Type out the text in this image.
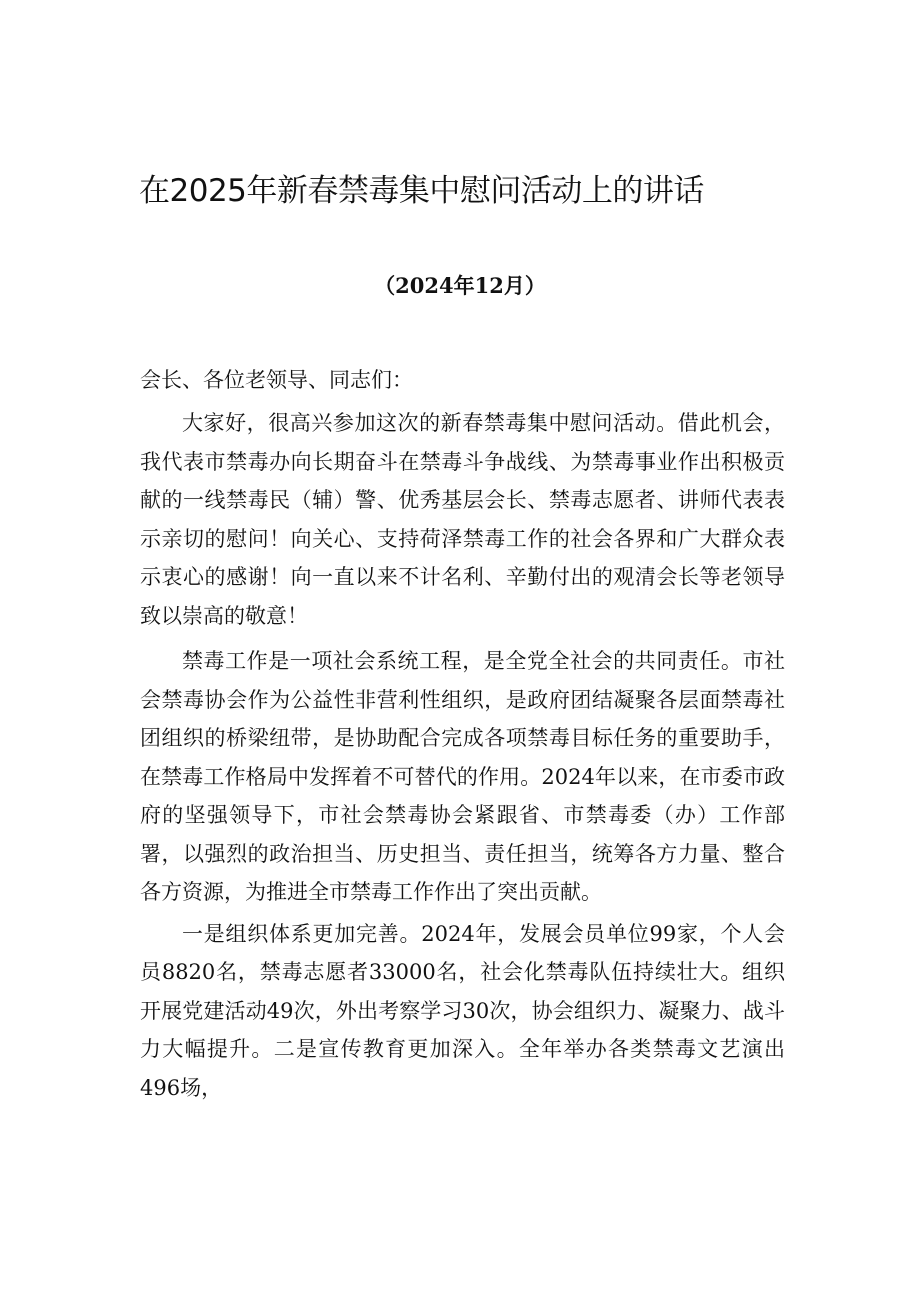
在2025年新春禁毒集中慰问活动上的讲话
（2024年12月）
会长、各位老领导、同志们：

大家好，很高兴参加这次的新春禁毒集中慰问活动。借此机会，我代表市禁毒办向长期奋斗在禁毒斗争战线、为禁毒事业作出积极贡献的一线禁毒民（辅）警、优秀基层会长、禁毒志愿者、讲师代表表示亲切的慰问！向关心、支持荷泽禁毒工作的社会各界和广大群众表示衷心的感谢！向一直以来不计名利、辛勤付出的观清会长等老领导致以崇高的敬意！

禁毒工作是一项社会系统工程，是全党全社会的共同责任。市社会禁毒协会作为公益性非营利性组织，是政府团结凝聚各层面禁毒社团组织的桥梁纽带，是协助配合完成各项禁毒目标任务的重要助手，在禁毒工作格局中发挥着不可替代的作用。2024年以来，在市委市政府的坚强领导下，市社会禁毒协会紧跟省、市禁毒委（办）工作部署，以强烈的政治担当、历史担当、责任担当，统筹各方力量、整合各方资源，为推进全市禁毒工作作出了突出贡献。

一是组织体系更加完善。2024年，发展会员单位99家，个人会员8820名，禁毒志愿者33000名，社会化禁毒队伍持续壮大。组织开展党建活动49次，外出考察学习30次，协会组织力、凝聚力、战斗力大幅提升。二是宣传教育更加深入。全年举办各类禁毒文艺演出496场，
